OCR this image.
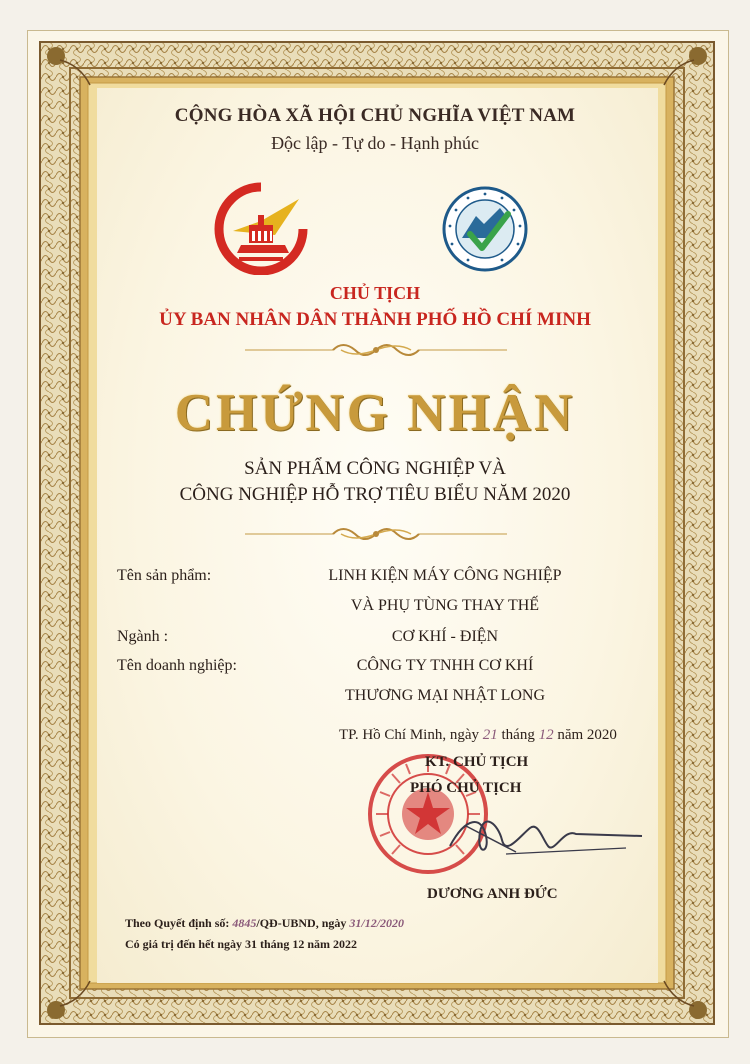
CỘNG HÒA XÃ HỘI CHỦ NGHĨA VIỆT NAM
Độc lập - Tự do - Hạnh phúc
CHỦ TỊCH
ỦY BAN NHÂN DÂN THÀNH PHỐ HỒ CHÍ MINH
CHỨNG NHẬN
SẢN PHẨM CÔNG NGHIỆP VÀ
CÔNG NGHIỆP HỖ TRỢ TIÊU BIỂU NĂM 2020
Tên sản phẩm:	LINH KIỆN MÁY CÔNG NGHIỆP
VÀ PHỤ TÙNG THAY THẾ
Ngành :	CƠ KHÍ - ĐIỆN
Tên doanh nghiệp:	CÔNG TY TNHH CƠ KHÍ
THƯƠNG MẠI NHẬT LONG
TP. Hồ Chí Minh, ngày 21 tháng 12 năm 2020
KT. CHỦ TỊCH
PHÓ CHỦ TỊCH
DƯƠNG ANH ĐỨC
Theo Quyết định số: 4845/QĐ-UBND, ngày 31/12/2020
Có giá trị đến hết ngày 31 tháng 12 năm 2022
